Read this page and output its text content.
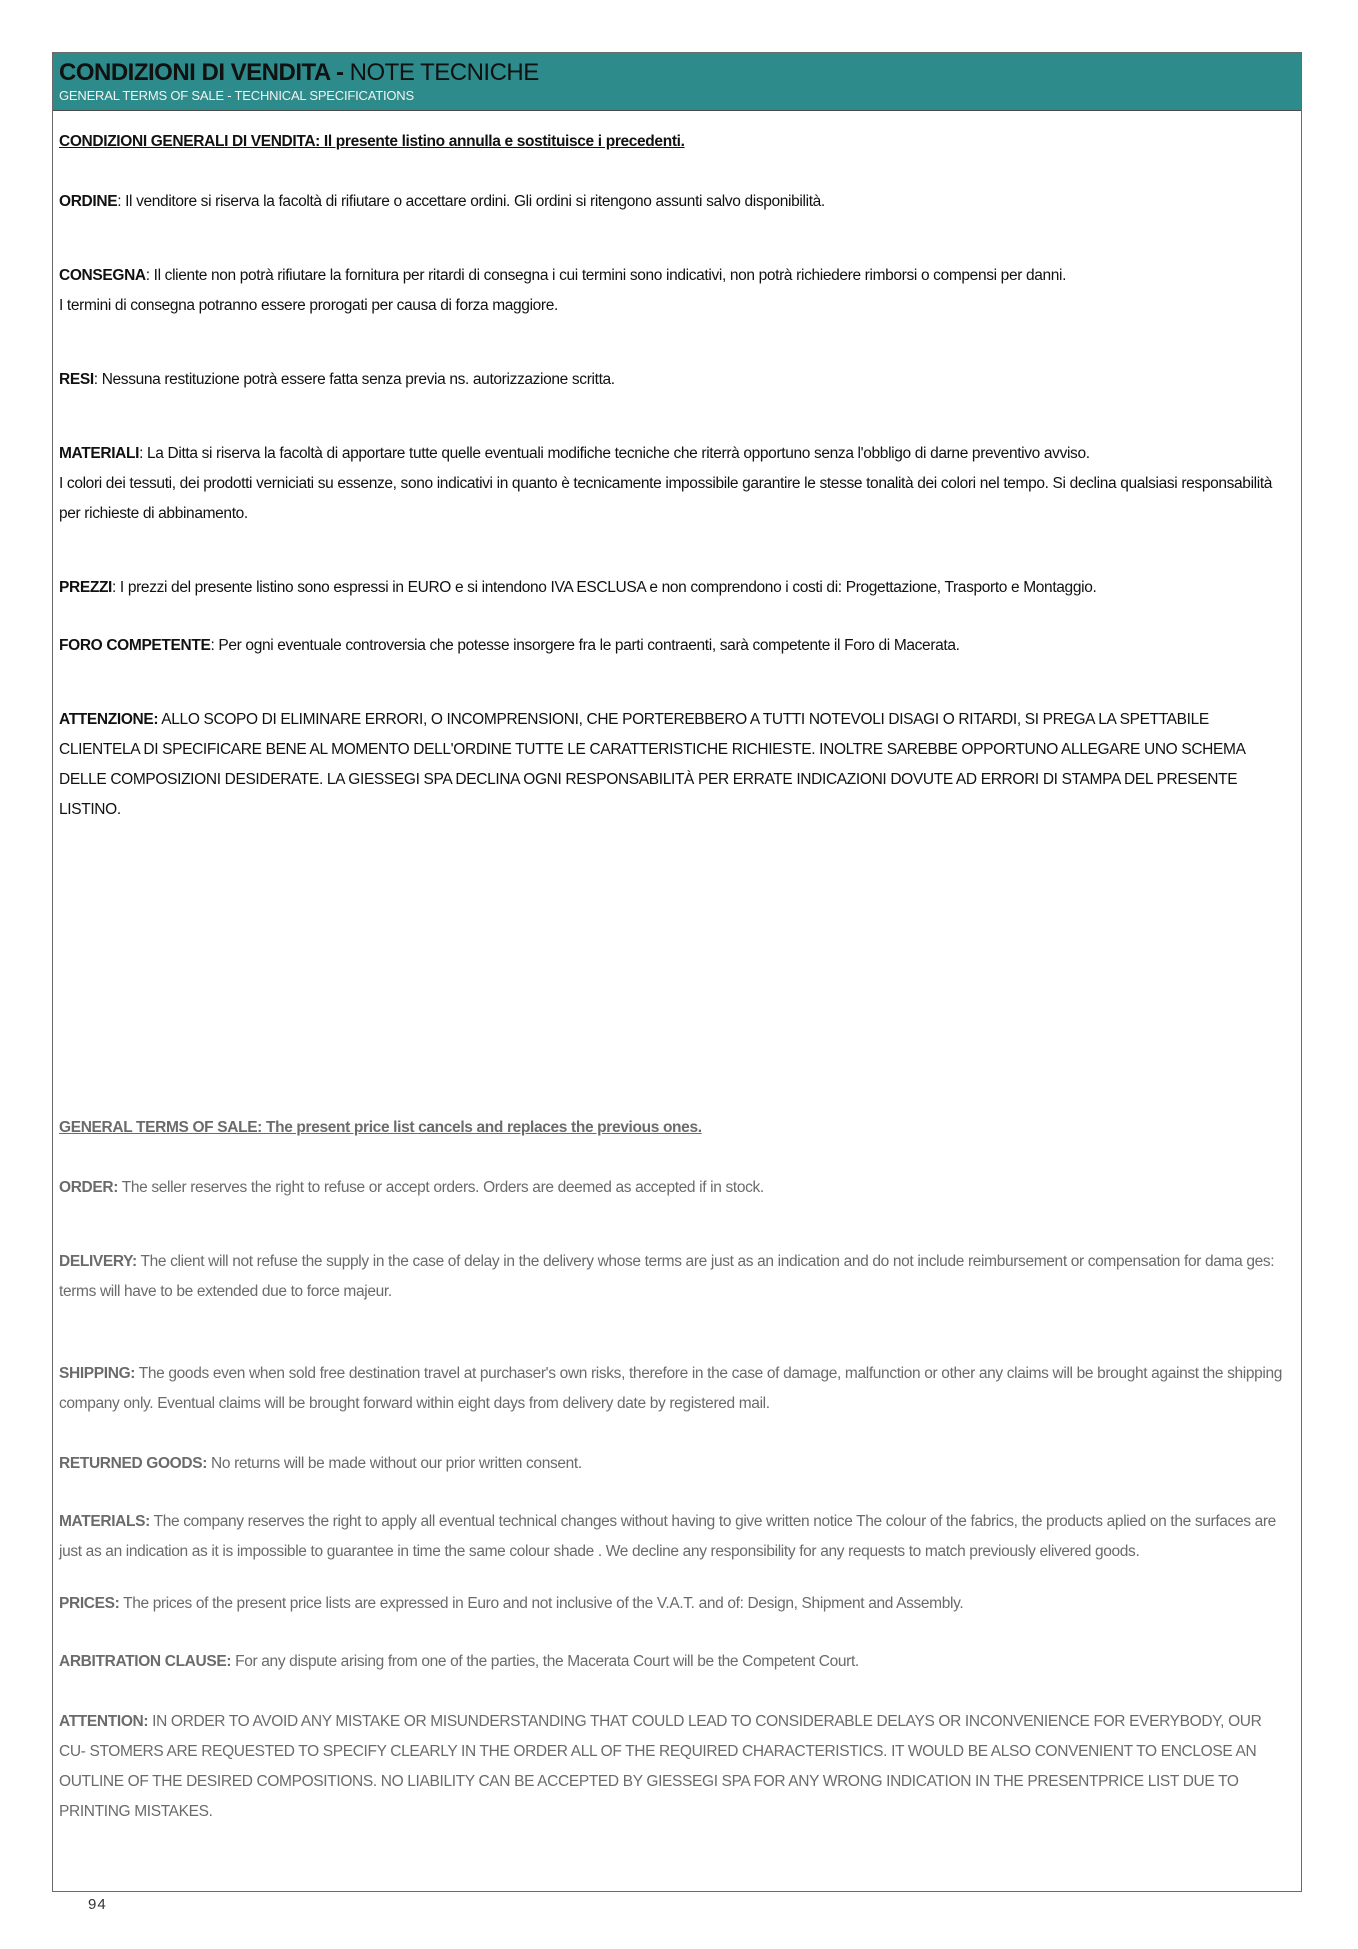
CONDIZIONI DI VENDITA - NOTE TECNICHE
GENERAL TERMS OF SALE - TECHNICAL SPECIFICATIONS

CONDIZIONI GENERALI DI VENDITA: Il presente listino annulla e sostituisce i precedenti.

ORDINE: Il venditore si riserva la facoltà di rifiutare o accettare ordini. Gli ordini si ritengono assunti salvo disponibilità.

CONSEGNA: Il cliente non potrà rifiutare la fornitura per ritardi di consegna i cui termini sono indicativi, non potrà richiedere rimborsi o compensi per danni.
I termini di consegna potranno essere prorogati per causa di forza maggiore.

RESI: Nessuna restituzione potrà essere fatta senza previa ns. autorizzazione scritta.

MATERIALI: La Ditta si riserva la facoltà di apportare tutte quelle eventuali modifiche tecniche che riterrà opportuno senza l'obbligo di darne preventivo avviso.
I colori dei tessuti, dei prodotti verniciati su essenze, sono indicativi in quanto è tecnicamente impossibile garantire le stesse tonalità dei colori nel tempo. Si declina qualsiasi responsabilità per richieste di abbinamento.

PREZZI: I prezzi del presente listino sono espressi in EURO e si intendono IVA ESCLUSA e non comprendono i costi di: Progettazione, Trasporto e Montaggio.

FORO COMPETENTE: Per ogni eventuale controversia che potesse insorgere fra le parti contraenti, sarà competente il Foro di Macerata.

ATTENZIONE: ALLO SCOPO DI ELIMINARE ERRORI, O INCOMPRENSIONI, CHE PORTEREBBERO A TUTTI NOTEVOLI DISAGI O RITARDI, SI PREGA LA SPETTABILE CLIENTELA DI SPECIFICARE BENE AL MOMENTO DELL'ORDINE TUTTE LE CARATTERISTICHE RICHIESTE. INOLTRE SAREBBE OPPORTUNO ALLEGARE UNO SCHEMA DELLE COMPOSIZIONI DESIDERATE. LA GIESSEGI SPA DECLINA OGNI RESPONSABILITÀ PER ERRATE INDICAZIONI DOVUTE AD ERRORI DI STAMPA DEL PRESENTE LISTINO.

GENERAL TERMS OF SALE: The present price list cancels and replaces the previous ones.

ORDER: The seller reserves the right to refuse or accept orders. Orders are deemed as accepted if in stock.

DELIVERY: The client will not refuse the supply in the case of delay in the delivery whose terms are just as an indication and do not include reimbursement or compensation for dama ges: terms will have to be extended due to force majeur.

SHIPPING: The goods even when sold free destination travel at purchaser's own risks, therefore in the case of damage, malfunction or other any claims will be brought against the shipping company only. Eventual claims will be brought forward within eight days from delivery date by registered mail.

RETURNED GOODS: No returns will be made without our prior written consent.

MATERIALS: The company reserves the right to apply all eventual technical changes without having to give written notice The colour of the fabrics, the products aplied on the surfaces are just as an indication as it is impossible to guarantee in time the same colour shade . We decline any responsibility for any requests to match previously elivered goods.

PRICES: The prices of the present price lists are expressed in Euro and not inclusive of the V.A.T. and of: Design, Shipment and Assembly.

ARBITRATION CLAUSE: For any dispute arising from one of the parties, the Macerata Court will be the Competent Court.

ATTENTION: IN ORDER TO AVOID ANY MISTAKE OR MISUNDERSTANDING THAT COULD LEAD TO CONSIDERABLE DELAYS OR INCONVENIENCE FOR EVERYBODY, OUR CU- STOMERS ARE REQUESTED TO SPECIFY CLEARLY IN THE ORDER ALL OF THE REQUIRED CHARACTERISTICS. IT WOULD BE ALSO CONVENIENT TO ENCLOSE AN OUTLINE OF THE DESIRED COMPOSITIONS. NO LIABILITY CAN BE ACCEPTED BY GIESSEGI SPA FOR ANY WRONG INDICATION IN THE PRESENTPRICE LIST DUE TO PRINTING MISTAKES.

94
